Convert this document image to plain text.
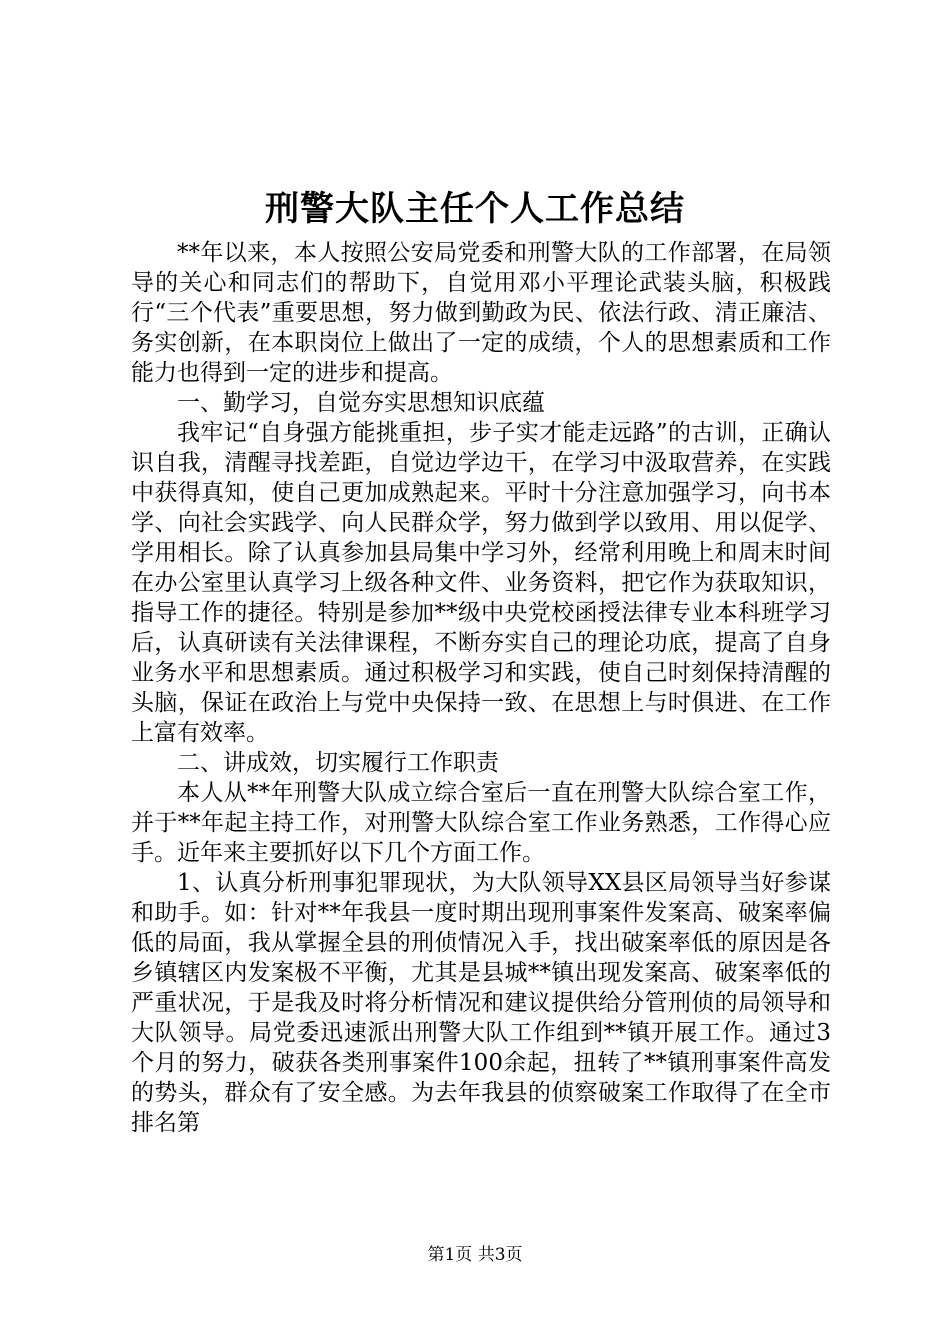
刑警大队主任个人工作总结

**年以来，本人按照公安局党委和刑警大队的工作部署，在局领导的关心和同志们的帮助下，自觉用邓小平理论武装头脑，积极践行“三个代表”重要思想，努力做到勤政为民、依法行政、清正廉洁、务实创新，在本职岗位上做出了一定的成绩，个人的思想素质和工作能力也得到一定的进步和提高。

一、勤学习，自觉夯实思想知识底蕴

我牢记“自身强方能挑重担，步子实才能走远路”的古训，正确认识自我，清醒寻找差距，自觉边学边干，在学习中汲取营养，在实践中获得真知，使自己更加成熟起来。平时十分注意加强学习，向书本学、向社会实践学、向人民群众学，努力做到学以致用、用以促学、学用相长。除了认真参加县局集中学习外，经常利用晚上和周末时间在办公室里认真学习上级各种文件、业务资料，把它作为获取知识，指导工作的捷径。特别是参加**级中央党校函授法律专业本科班学习后，认真研读有关法律课程，不断夯实自己的理论功底，提高了自身业务水平和思想素质。通过积极学习和实践，使自己时刻保持清醒的头脑，保证在政治上与党中央保持一致、在思想上与时俱进、在工作上富有效率。

二、讲成效，切实履行工作职责

本人从**年刑警大队成立综合室后一直在刑警大队综合室工作，并于**年起主持工作，对刑警大队综合室工作业务熟悉，工作得心应手。近年来主要抓好以下几个方面工作。

1、认真分析刑事犯罪现状，为大队领导XX县区局领导当好参谋和助手。如：针对**年我县一度时期出现刑事案件发案高、破案率偏低的局面，我从掌握全县的刑侦情况入手，找出破案率低的原因是各乡镇辖区内发案极不平衡，尤其是县城**镇出现发案高、破案率低的严重状况，于是我及时将分析情况和建议提供给分管刑侦的局领导和大队领导。局党委迅速派出刑警大队工作组到**镇开展工作。通过3个月的努力，破获各类刑事案件100余起，扭转了**镇刑事案件高发的势头，群众有了安全感。为去年我县的侦察破案工作取得了在全市排名第

第1页 共3页
